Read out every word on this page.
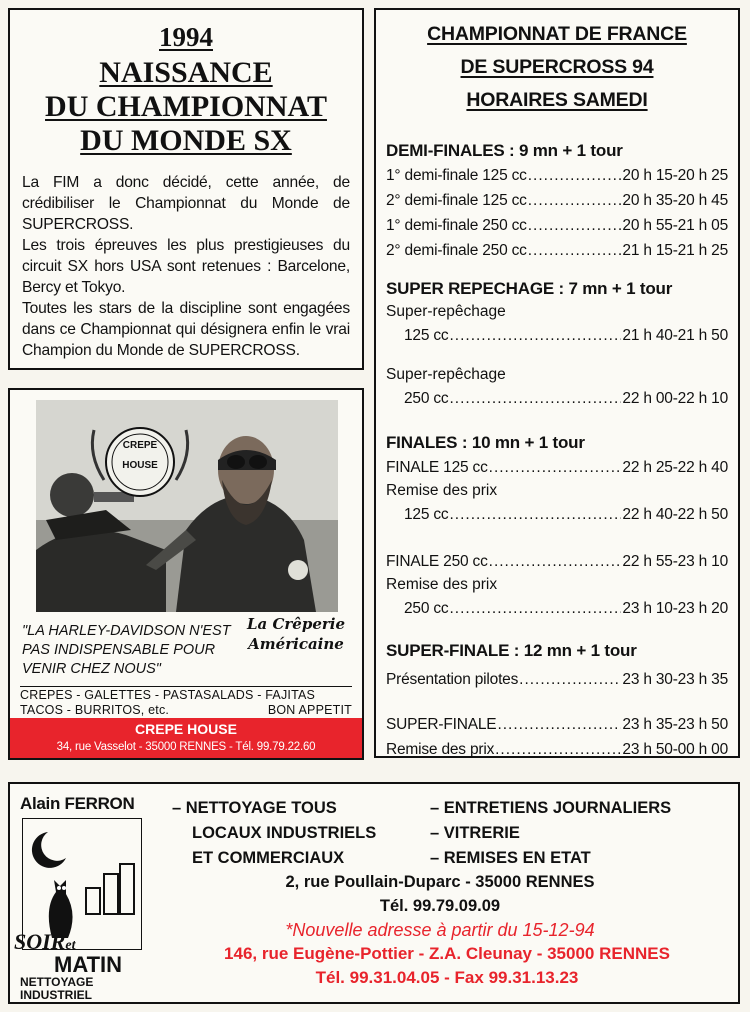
1994
NAISSANCE
DU CHAMPIONNAT
DU MONDE SX

La FIM a donc décidé, cette année, de crédibiliser le Championnat du Monde de SUPERCROSS.

Les trois épreuves les plus prestigieuses du circuit SX hors USA sont retenues : Barcelone, Bercy et Tokyo.

Toutes les stars de la discipline sont engagées dans ce Championnat qui désignera enfin le vrai Champion du Monde de SUPERCROSS.

CHAMPIONNAT DE FRANCE
DE SUPERCROSS 94
HORAIRES SAMEDI
DEMI-FINALES : 9 mn + 1 tour
1° demi-finale 125 cc .....	20 h 15-20 h 25
2° demi-finale 125 cc .....	20 h 35-20 h 45
1° demi-finale 250 cc .....	20 h 55-21 h 05
2° demi-finale 250 cc .....	21 h 15-21 h 25
SUPER REPECHAGE : 7 mn + 1 tour
Super-repêchage
125 cc .....	21 h 40-21 h 50
Super-repêchage
250 cc .....	22 h 00-22 h 10
FINALES : 10 mn + 1 tour
FINALE 125 cc .....	22 h 25-22 h 40
Remise des prix
125 cc .....	22 h 40-22 h 50
FINALE 250 cc .....	22 h 55-23 h 10
Remise des prix
250 cc .....	23 h 10-23 h 20
SUPER-FINALE : 12 mn + 1 tour
Présentation pilotes .....	23 h 30-23 h 35
SUPER-FINALE .....	23 h 35-23 h 50
Remise des prix .....	23 h 50-00 h 00
CREPE
HOUSE
"LA HARLEY-DAVIDSON N'EST PAS INDISPENSABLE POUR VENIR CHEZ NOUS"
La Crêperie
Américaine
CREPES - GALETTES - PASTASALADS - FAJITAS
TACOS - BURRITOS, etc.	BON APPETIT
CREPE HOUSE
34, rue Vasselot - 35000 RENNES - Tél. 99.79.22.60
Alain FERRON
SOIRet
MATIN
NETTOYAGE
INDUSTRIEL
– NETTOYAGE TOUS
LOCAUX INDUSTRIELS
ET COMMERCIAUX
– ENTRETIENS JOURNALIERS
– VITRERIE
– REMISES EN ETAT
2, rue Poullain-Duparc - 35000 RENNES
Tél. 99.79.09.09
*Nouvelle adresse à partir du 15-12-94
146, rue Eugène-Pottier - Z.A. Cleunay - 35000 RENNES
Tél. 99.31.04.05 - Fax 99.31.13.23
